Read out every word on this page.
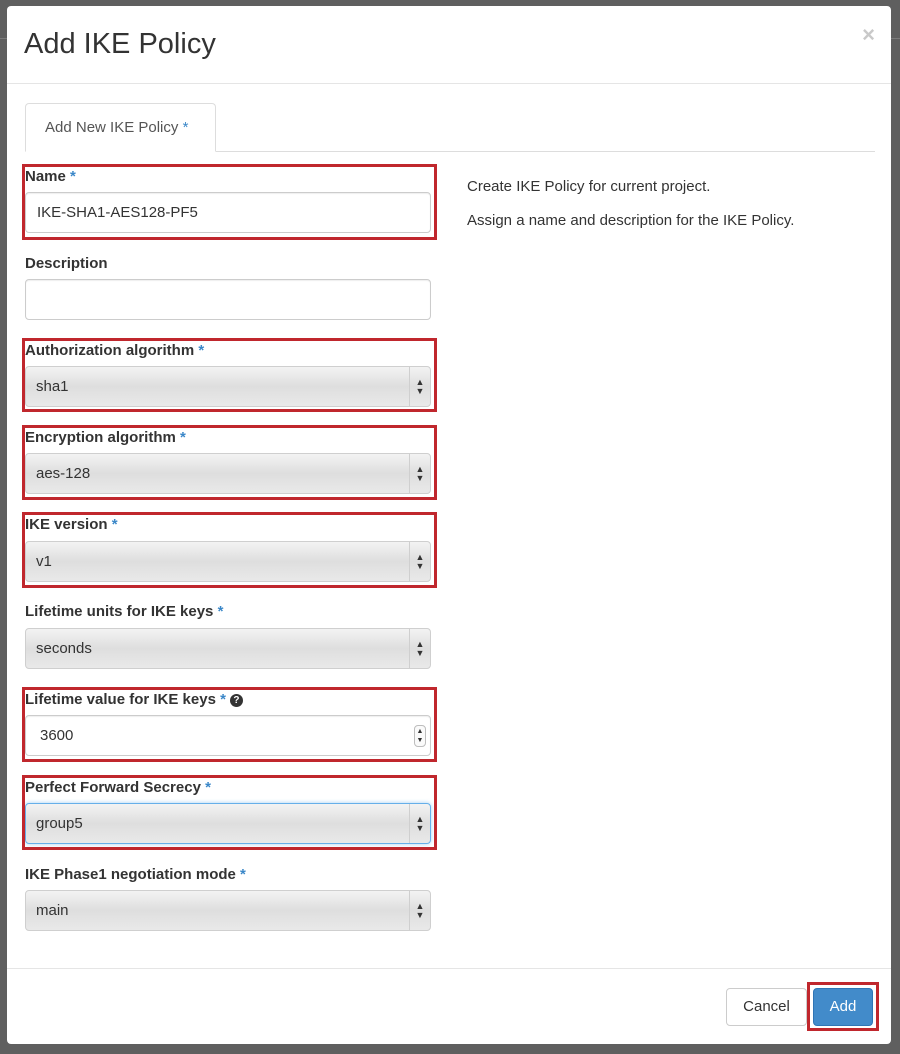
Add IKE Policy	×
Add New IKE Policy *
Name *
IKE-SHA1-AES128-PF5
Description
Authorization algorithm *
sha1	▲
▼
Encryption algorithm *
aes-128	▲
▼
IKE version *
v1	▲
▼
Lifetime units for IKE keys *
seconds	▲
▼
Lifetime value for IKE keys * ?
3600	▲
▼
Perfect Forward Secrecy *
group5	▲
▼
IKE Phase1 negotiation mode *
main	▲
▼
Create IKE Policy for current project.
Assign a name and description for the IKE Policy.
Cancel	Add
